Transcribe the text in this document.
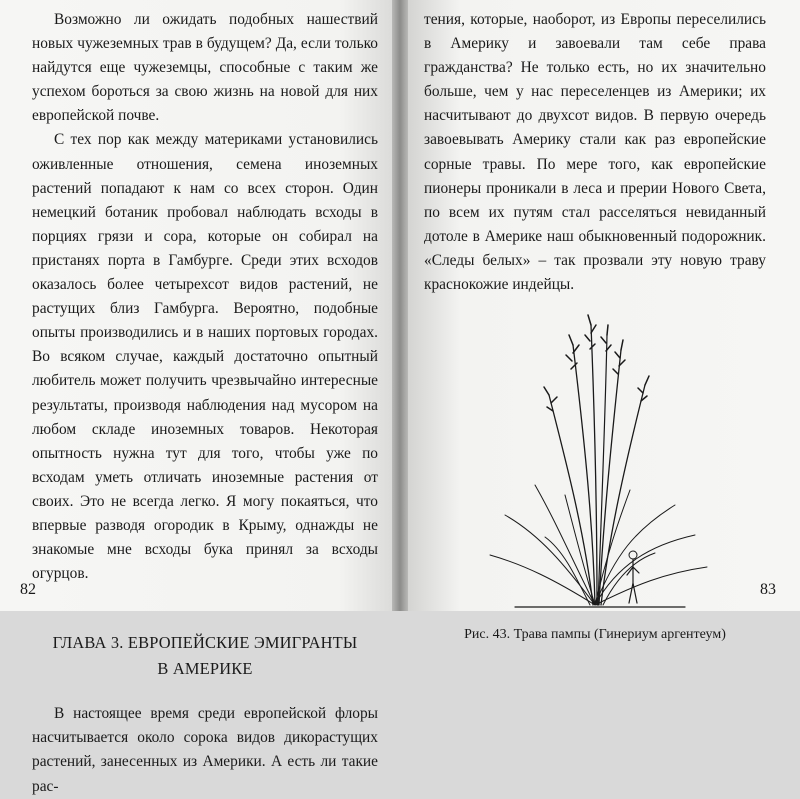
Возможно ли ожидать подобных нашествий новых чужеземных трав в будущем? Да, если только найдутся еще чужеземцы, способные с таким же успехом бороться за свою жизнь на новой для них европейской почве.

С тех пор как между материками установились оживленные отношения, семена иноземных растений попадают к нам со всех сторон. Один немецкий ботаник пробовал наблюдать всходы в порциях грязи и сора, которые он собирал на пристанях порта в Гамбурге. Среди этих всходов оказалось более четырехсот видов растений, не растущих близ Гамбурга. Вероятно, подобные опыты производились и в наших портовых городах. Во всяком случае, каждый достаточно опытный любитель может получить чрезвычайно интересные результаты, производя наблюдения над мусором на любом складе иноземных товаров. Некоторая опытность нужна тут для того, чтобы уже по всходам уметь отличать иноземные растения от своих. Это не всегда легко. Я могу покаяться, что впервые разводя огородик в Крыму, однажды не знакомые мне всходы бука принял за всходы огурцов.

ГЛАВА 3. ЕВРОПЕЙСКИЕ ЭМИГРАНТЫ
В АМЕРИКЕ

В настоящее время среди европейской флоры насчитывается около сорока видов дикорастущих растений, занесенных из Америки. А есть ли такие рас-

82

тения, которые, наоборот, из Европы переселились в Америку и завоевали там себе права гражданства? Не только есть, но их значительно больше, чем у нас переселенцев из Америки; их насчитывают до двухсот видов. В первую очередь завоевывать Америку стали как раз европейские сорные травы. По мере того, как европейские пионеры проникали в леса и прерии Нового Света, по всем их путям стал расселяться невиданный дотоле в Америке наш обыкновенный подорожник. «Следы белых» – так прозвали эту новую траву краснокожие индейцы.

Рис. 43. Трава пампы (Гинериум аргентеум)
83
